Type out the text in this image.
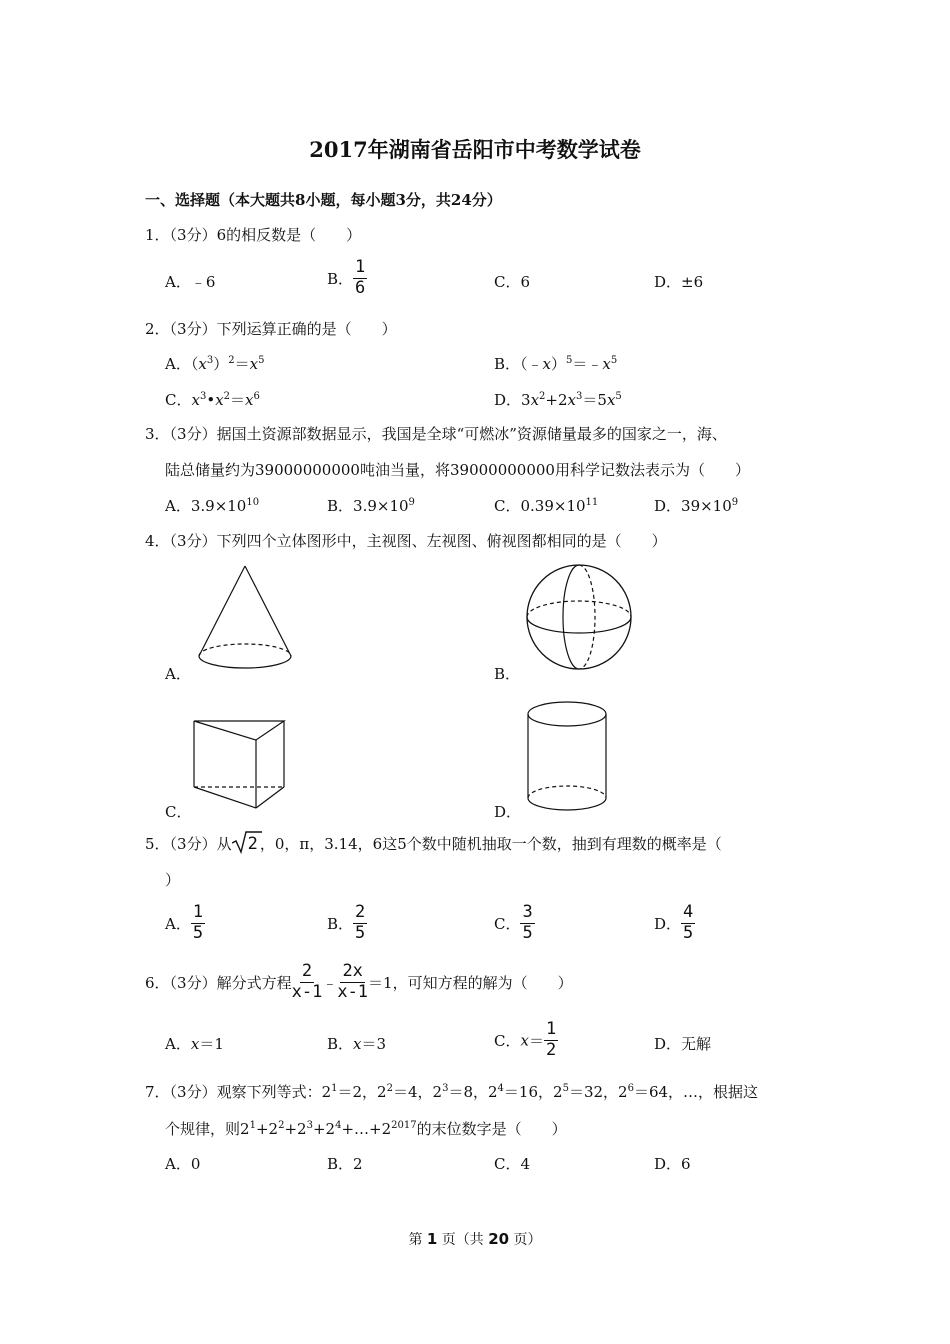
2017年湖南省岳阳市中考数学试卷
一、选择题（本大题共8小题，每小题3分，共24分）
1．（3分）6的相反数是（　　）
A．﹣6	B． $\frac{1}{6}$	C．6	D．±6
2．（3分）下列运算正确的是（　　）
A．$(x^3)^2=x^5$	B．$(﹣x)^5=﹣x^5$
C．$x^3•x^2=x^6$	D．$3x^2+2x^3=5x^5$
3．（3分）据国土资源部数据显示，我国是全球“可燃冰”资源储量最多的国家之一，海、
陆总储量约为39000000000吨油当量，将39000000000用科学记数法表示为（　　）
A．$3.9\times 10^{10}$	B．$3.9\times 10^9$	C．$0.39\times 10^{11}$	D．$39\times 10^9$
4．（3分）下列四个立体图形中，主视图、左视图、俯视图都相同的是（　　）
A．	B．
C．	D．
5．（3分）从 2 ，0，π，3.14，6这5个数中随机抽取一个数，抽到有理数的概率是（
）
A． $\frac{1}{5}$	B． $\frac{2}{5}$	C． $\frac{3}{5}$	D． $\frac{4}{5}$
6．（3分）解分式方程 $\frac{2}{x-1}$ ﹣ $\frac{2x}{x-1} =1$，可知方程的解为（　　）
A．x＝1	B．x＝3	C．$x= \frac{1}{2}$	D．无解
7．（3分）观察下列等式：$2^1=2$，$2^2=4$，$2^3=8$，$2^4=16$，$2^5=32$，$2^6=64$，…，根据这
个规律，则$2^1+2^2+2^3+2^4+\dots+2^{2017}$的末位数字是（　　）
A．0	B．2	C．4	D．6
第 1 页（共 20 页）
